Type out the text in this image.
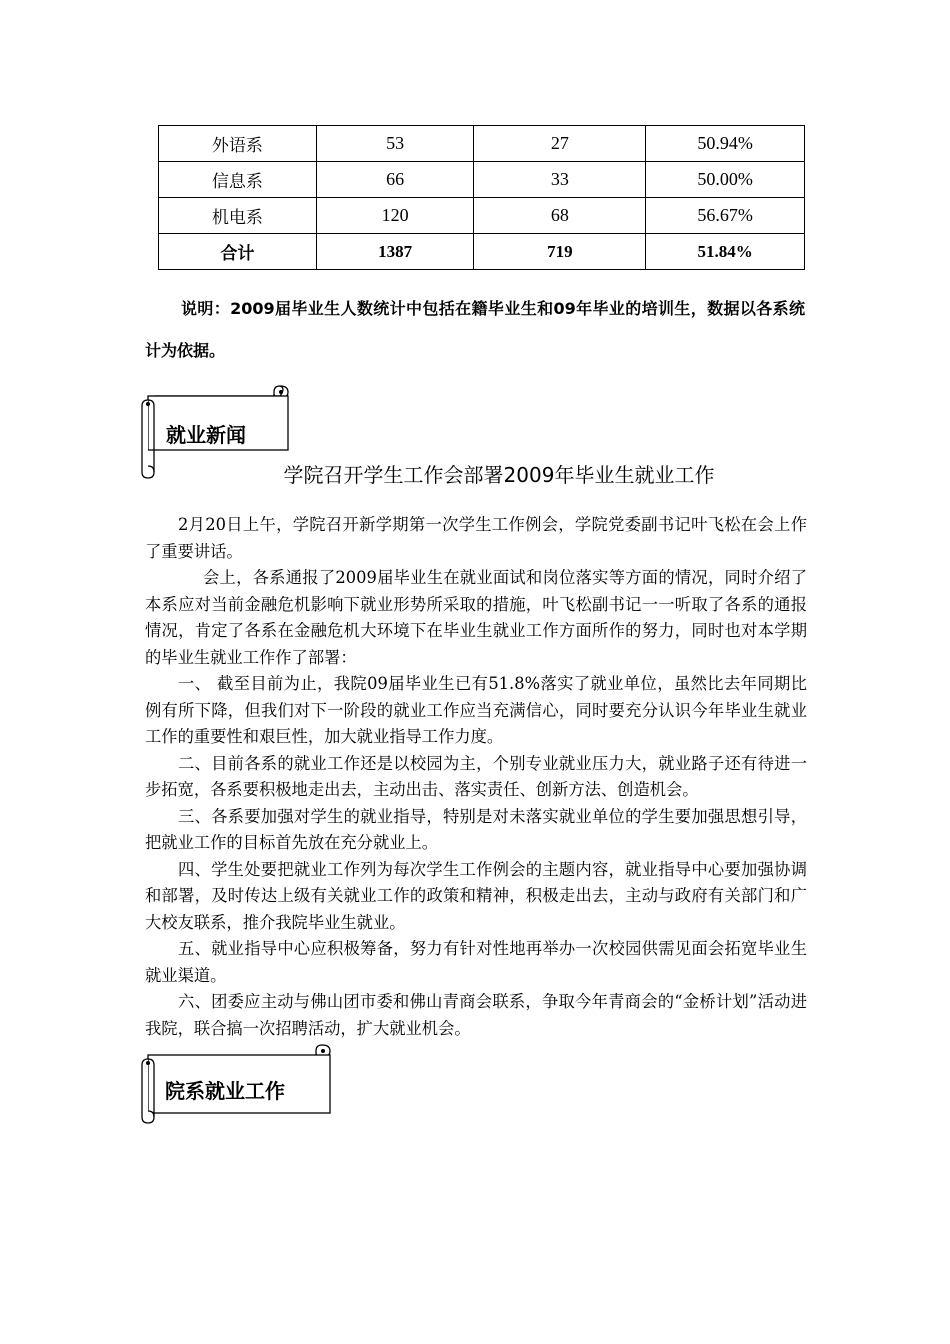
外语系	53	27	50.94%
信息系	66	33	50.00%
机电系	120	68	56.67%
合计	1387	719	51.84%
说明：2009届毕业生人数统计中包括在籍毕业生和09年毕业的培训生，数据以各系统计为依据。
就业新闻
学院召开学生工作会部署2009年毕业生就业工作

2月20日上午，学院召开新学期第一次学生工作例会，学院党委副书记叶飞松在会上作了重要讲话。

会上，各系通报了2009届毕业生在就业面试和岗位落实等方面的情况，同时介绍了本系应对当前金融危机影响下就业形势所采取的措施，叶飞松副书记一一听取了各系的通报情况，肯定了各系在金融危机大环境下在毕业生就业工作方面所作的努力，同时也对本学期的毕业生就业工作作了部署：

一、 截至目前为止，我院09届毕业生已有51.8%落实了就业单位，虽然比去年同期比例有所下降，但我们对下一阶段的就业工作应当充满信心，同时要充分认识今年毕业生就业工作的重要性和艰巨性，加大就业指导工作力度。

二、目前各系的就业工作还是以校园为主，个别专业就业压力大，就业路子还有待进一步拓宽，各系要积极地走出去，主动出击、落实责任、创新方法、创造机会。

三、各系要加强对学生的就业指导，特别是对未落实就业单位的学生要加强思想引导，把就业工作的目标首先放在充分就业上。

四、学生处要把就业工作列为每次学生工作例会的主题内容，就业指导中心要加强协调和部署，及时传达上级有关就业工作的政策和精神，积极走出去，主动与政府有关部门和广大校友联系，推介我院毕业生就业。

五、就业指导中心应积极筹备，努力有针对性地再举办一次校园供需见面会拓宽毕业生就业渠道。

六、团委应主动与佛山团市委和佛山青商会联系，争取今年青商会的“金桥计划”活动进我院，联合搞一次招聘活动，扩大就业机会。

院系就业工作
